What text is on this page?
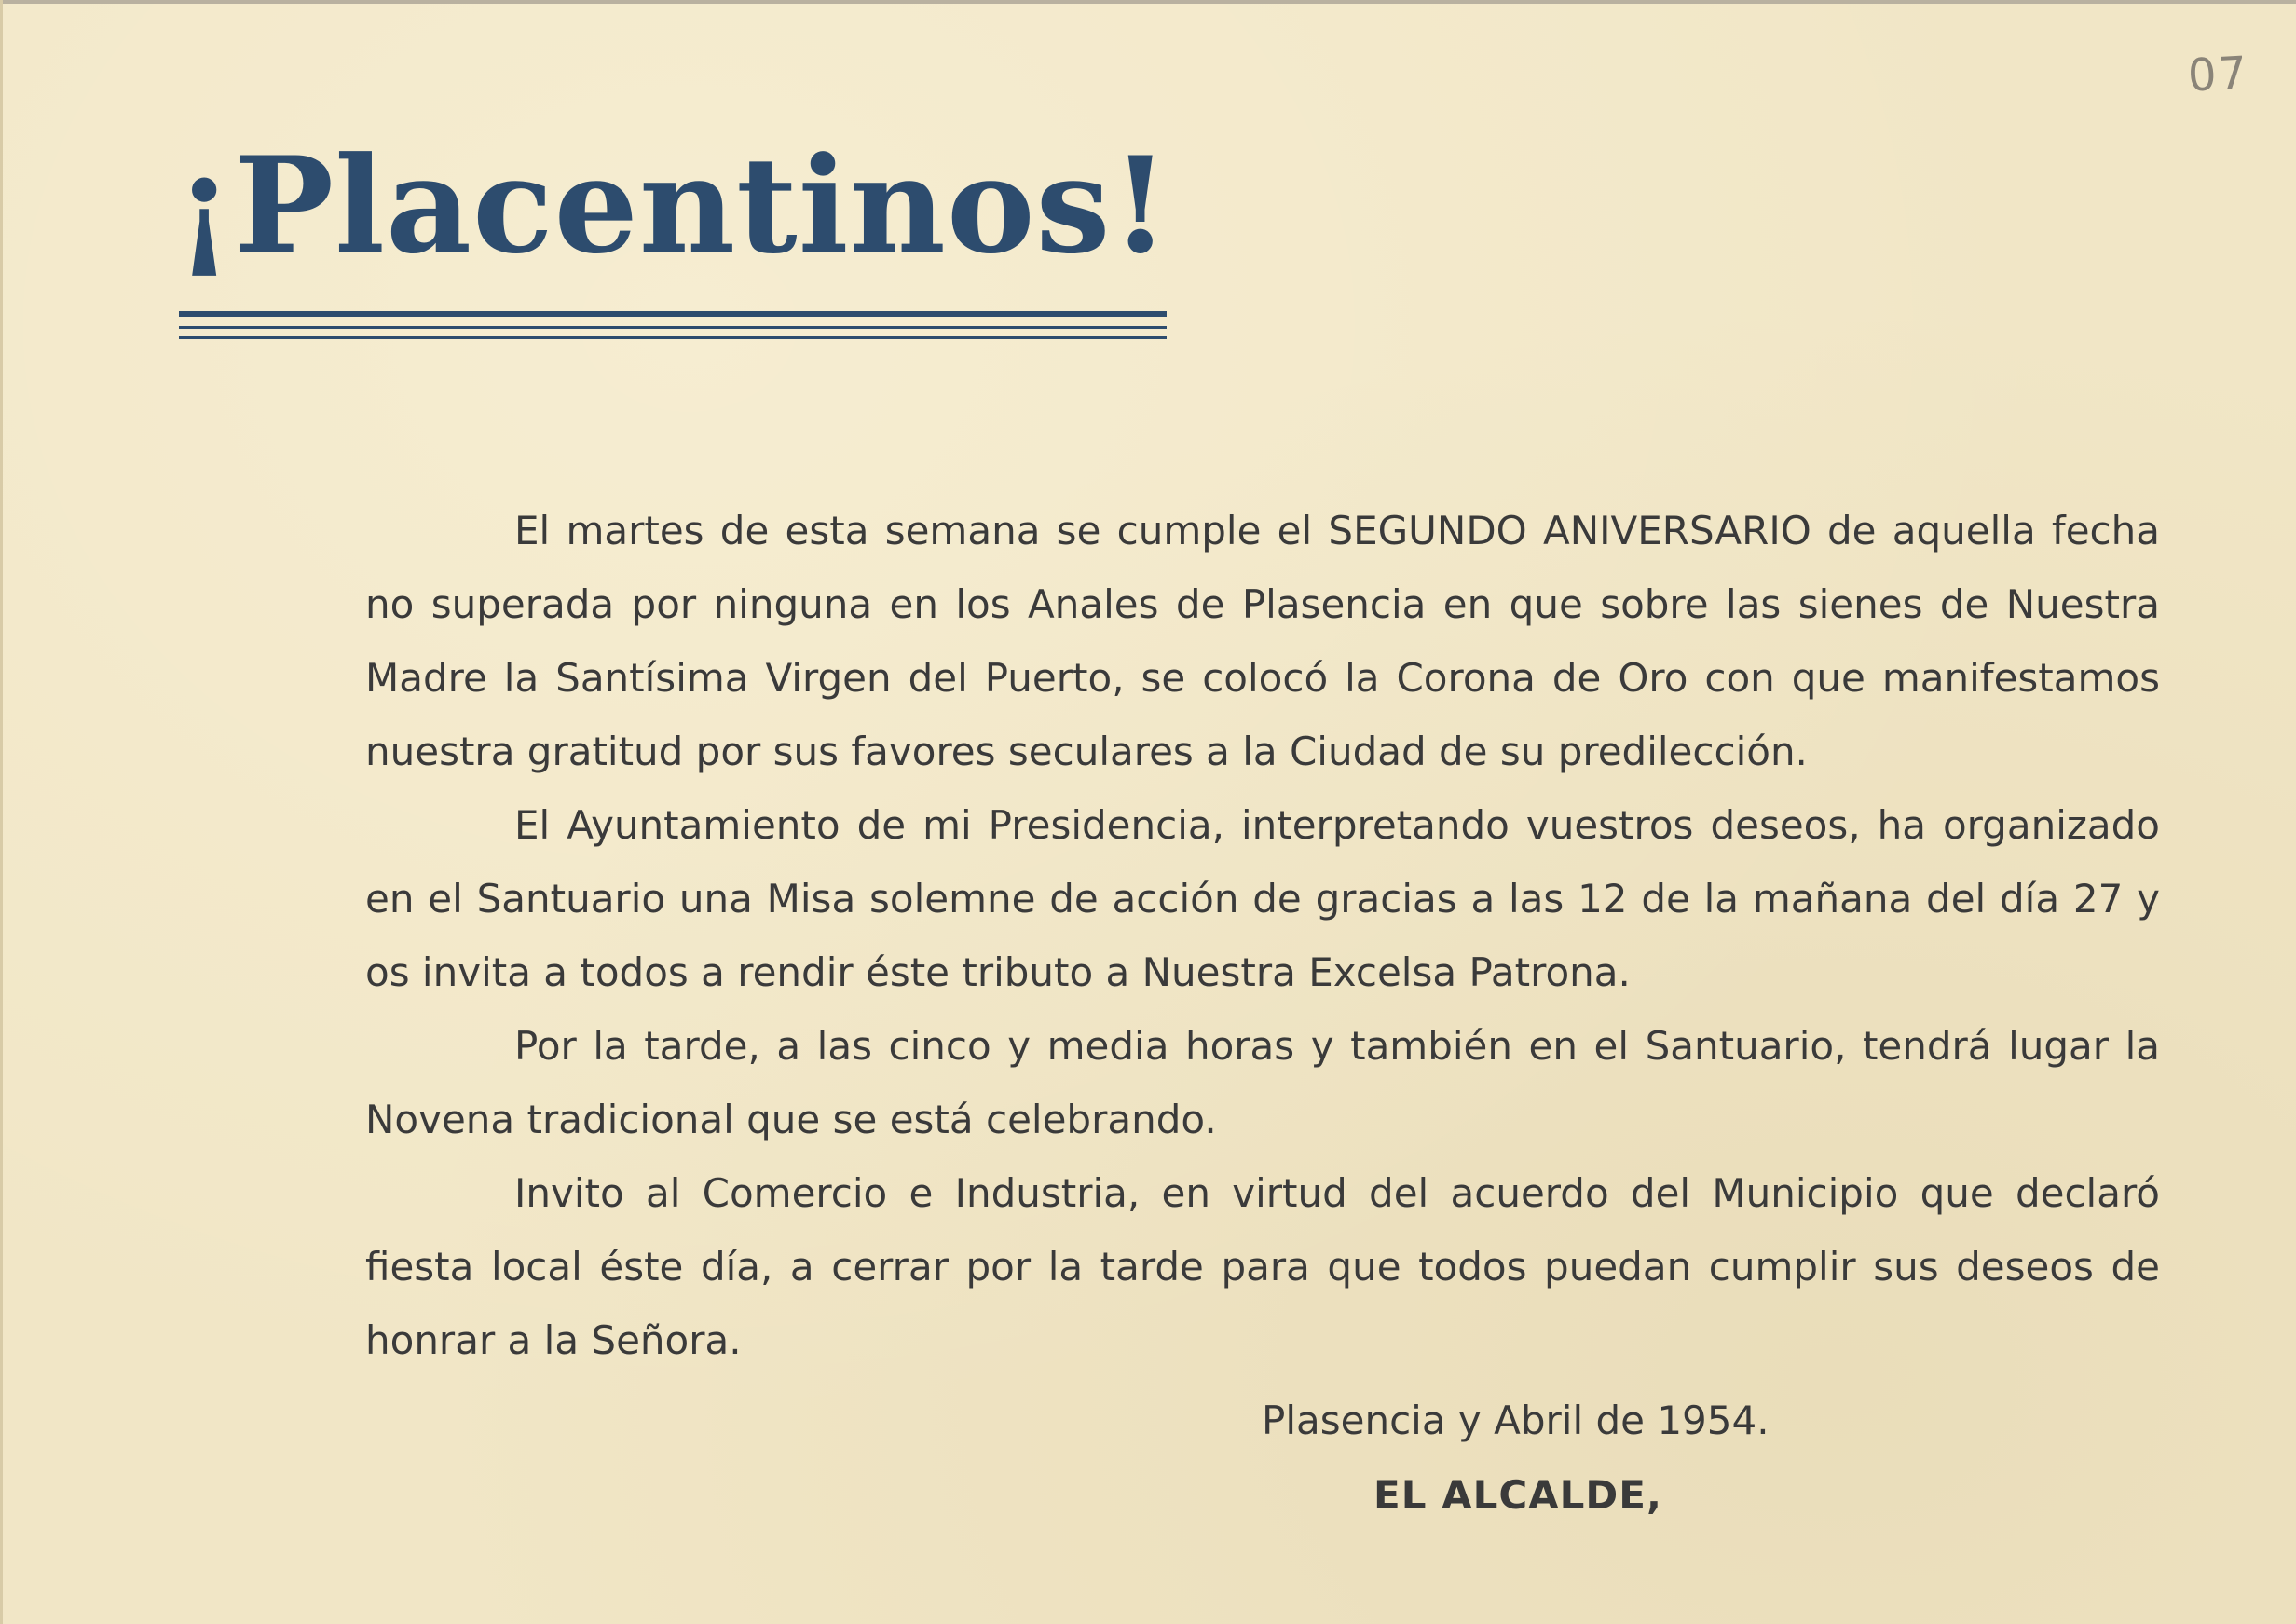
07
¡Placentinos!

El martes de esta semana se cumple el SEGUNDO ANIVERSARIO de aquella fecha no superada por ninguna en los Anales de Plasencia en que sobre las sienes de Nuestra Madre la Santísima Virgen del Puerto, se colocó la Corona de Oro con que manifestamos nuestra gratitud por sus favores seculares a la Ciudad de su predilección.

El Ayuntamiento de mi Presidencia, interpretando vuestros deseos, ha organizado en el Santuario una Misa solemne de acción de gracias a las 12 de la mañana del día 27 y os invita a todos a rendir éste tributo a Nuestra Excelsa Patrona.

Por la tarde, a las cinco y media horas y también en el Santuario, tendrá lugar la Novena tradicional que se está celebrando.

Invito al Comercio e Industria, en virtud del acuerdo del Municipio que declaró fiesta local éste día, a cerrar por la tarde para que todos puedan cumplir sus deseos de honrar a la Señora.

Plasencia y Abril de 1954.
EL ALCALDE,
